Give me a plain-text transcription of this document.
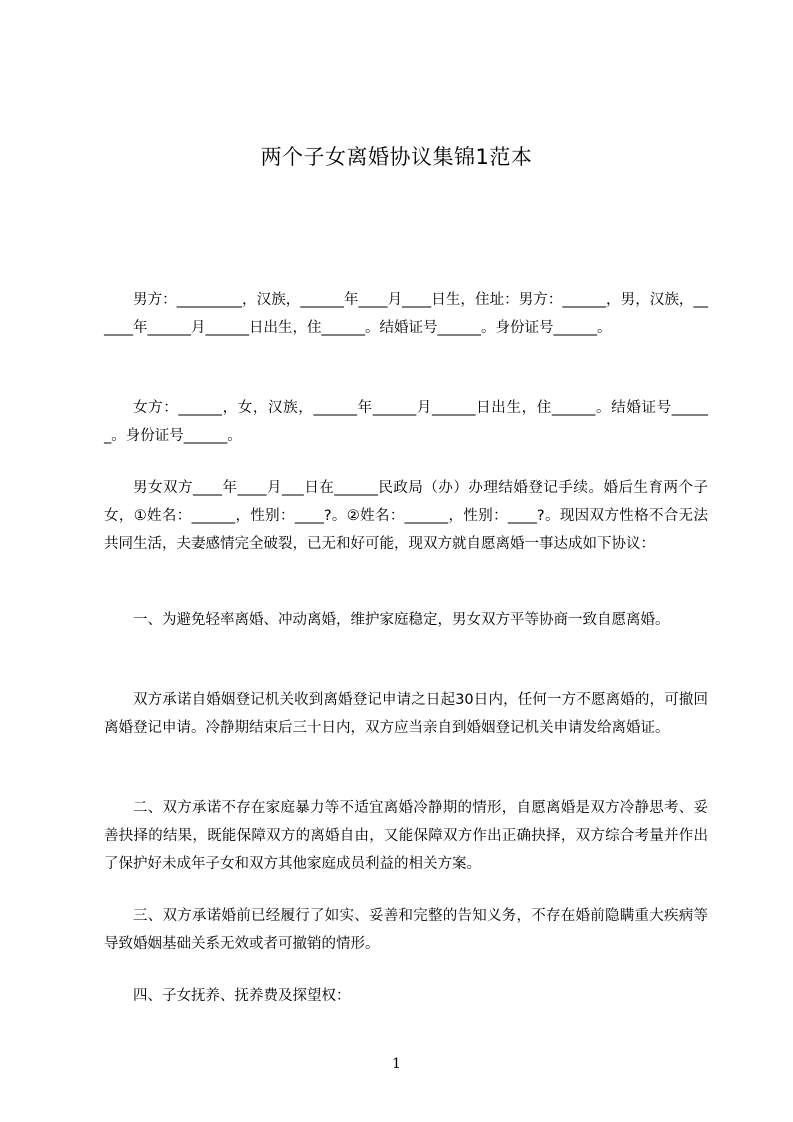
两个子女离婚协议集锦1范本

男方：_________，汉族，______年____月____日生，住址：男方：______，男，汉族，______年______月______日出生，住______。结婚证号______。身份证号______。

女方：______，女，汉族，______年______月______日出生，住______。结婚证号______。身份证号______。

男女双方____年____月___日在______民政局（办）办理结婚登记手续。婚后生育两个子女，①姓名：______，性别：____?。②姓名：______，性别：____?。现因双方性格不合无法共同生活，夫妻感情完全破裂，已无和好可能，现双方就自愿离婚一事达成如下协议：

一、为避免轻率离婚、冲动离婚，维护家庭稳定，男女双方平等协商一致自愿离婚。

双方承诺自婚姻登记机关收到离婚登记申请之日起30日内，任何一方不愿离婚的，可撤回离婚登记申请。冷静期结束后三十日内，双方应当亲自到婚姻登记机关申请发给离婚证。

二、双方承诺不存在家庭暴力等不适宜离婚冷静期的情形，自愿离婚是双方冷静思考、妥善抉择的结果，既能保障双方的离婚自由，又能保障双方作出正确抉择，双方综合考量并作出了保护好未成年子女和双方其他家庭成员利益的相关方案。

三、双方承诺婚前已经履行了如实、妥善和完整的告知义务，不存在婚前隐瞒重大疾病等导致婚姻基础关系无效或者可撤销的情形。

四、子女抚养、抚养费及探望权：

1
